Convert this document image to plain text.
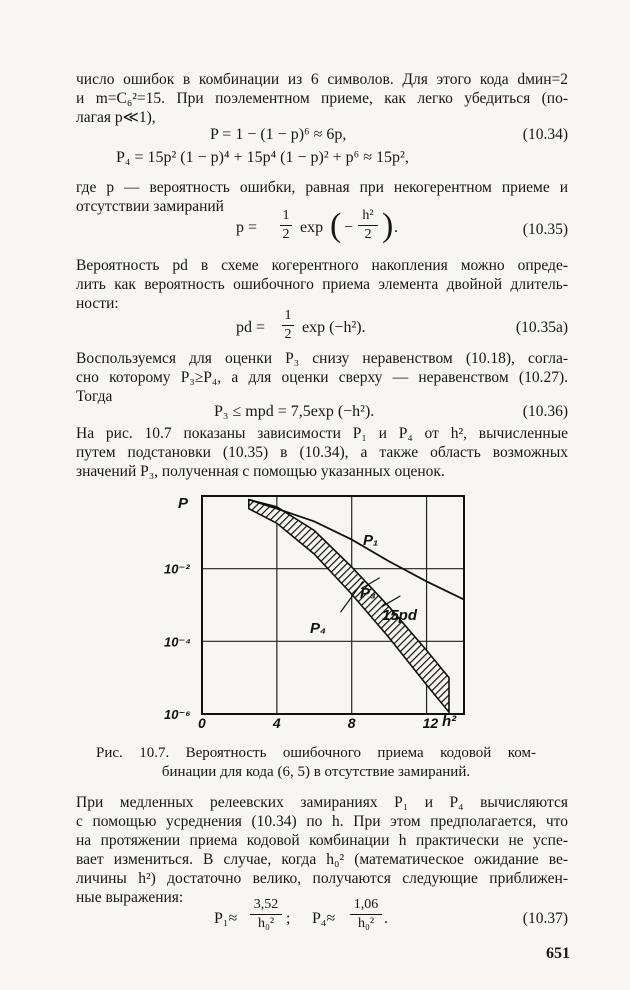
число ошибок в комбинации из 6 символов. Для этого кода dмин=2
и m=C₆²=15. При поэлементном приеме, как легко убедиться (по-
лагая p≪1),
P = 1 − (1 − p)⁶ ≈ 6p,	(10.34)
P₄ = 15p² (1 − p)⁴ + 15p⁴ (1 − p)² + p⁶ ≈ 15p²,
где p — вероятность ошибки, равная при некогерентном приеме и
отсутствии замираний
p =
1
2 exp ( −
h²
2 ) .	(10.35)
Вероятность pd в схеме когерентного накопления можно опреде-
лить как вероятность ошибочного приема элемента двойной длитель-
ности:
pd =
1
2 exp (−h²).	(10.35а)
Воспользуемся для оценки P₃ снизу неравенством (10.18), согла-
сно которому P₃≥P₄, а для оценки сверху — неравенством (10.27).
Тогда
P₃ ≤ mpd = 7,5exp (−h²).	(10.36)
На рис. 10.7 показаны зависимости P₁ и P₄ от h², вычисленные
путем подстановки (10.35) в (10.34), а также область возможных
значений P₃, полученная с помощью указанных оценок.
0	4	8	12
10⁻²
10⁻⁴
10⁻⁶
P
h²
P₁
P₃
P₄
15pd
Рис. 10.7. Вероятность ошибочного приема кодовой ком-
бинации для кода (6, 5) в отсутствие замираний.
При медленных релеевских замираниях P₁ и P₄ вычисляются
с помощью усреднения (10.34) по h. При этом предполагается, что
на протяжении приема кодовой комбинации h практически не успе-
вает измениться. В случае, когда h₀² (математическое ожидание ве-
личины h²) достаточно велико, получаются следующие приближен-
ные выражения:
P₁≈
3,52
h₀² ; P₄≈
1,06
h₀² .	(10.37)
651
